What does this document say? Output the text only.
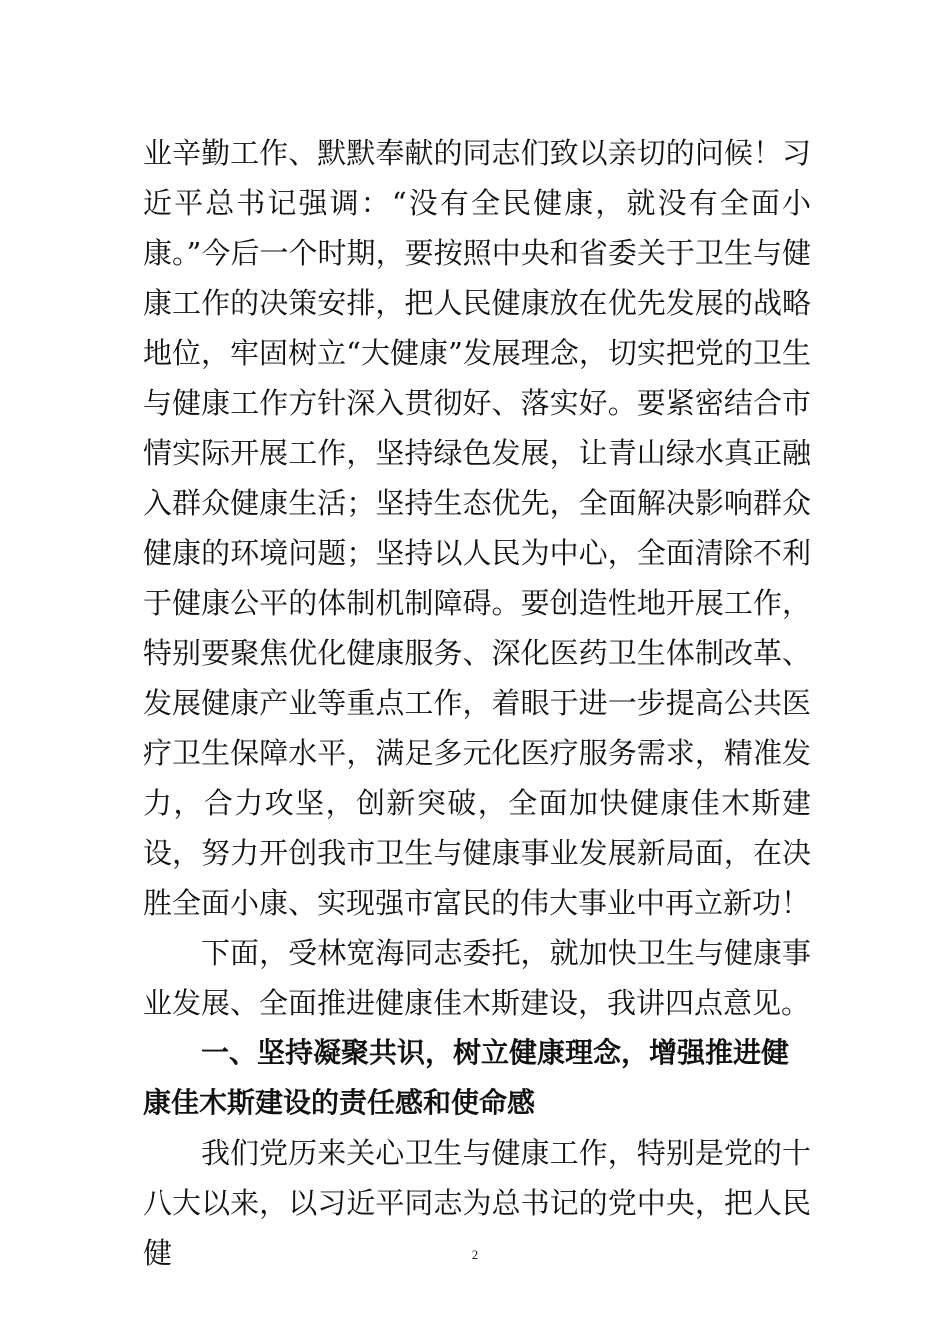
业辛勤工作、默默奉献的同志们致以亲切的问候！习近平总书记强调：“没有全民健康，就没有全面小康。”今后一个时期，要按照中央和省委关于卫生与健康工作的决策安排，把人民健康放在优先发展的战略地位，牢固树立“大健康”发展理念，切实把党的卫生与健康工作方针深入贯彻好、落实好。要紧密结合市情实际开展工作，坚持绿色发展，让青山绿水真正融入群众健康生活；坚持生态优先，全面解决影响群众健康的环境问题；坚持以人民为中心，全面清除不利于健康公平的体制机制障碍。要创造性地开展工作，特别要聚焦优化健康服务、深化医药卫生体制改革、发展健康产业等重点工作，着眼于进一步提高公共医疗卫生保障水平，满足多元化医疗服务需求，精准发力，合力攻坚，创新突破，全面加快健康佳木斯建设，努力开创我市卫生与健康事业发展新局面，在决胜全面小康、实现强市富民的伟大事业中再立新功！

下面，受林宽海同志委托，就加快卫生与健康事业发展、全面推进健康佳木斯建设，我讲四点意见。

一、坚持凝聚共识，树立健康理念，增强推进健康佳木斯建设的责任感和使命感

我们党历来关心卫生与健康工作，特别是党的十八大以来，以习近平同志为总书记的党中央，把人民健	2
